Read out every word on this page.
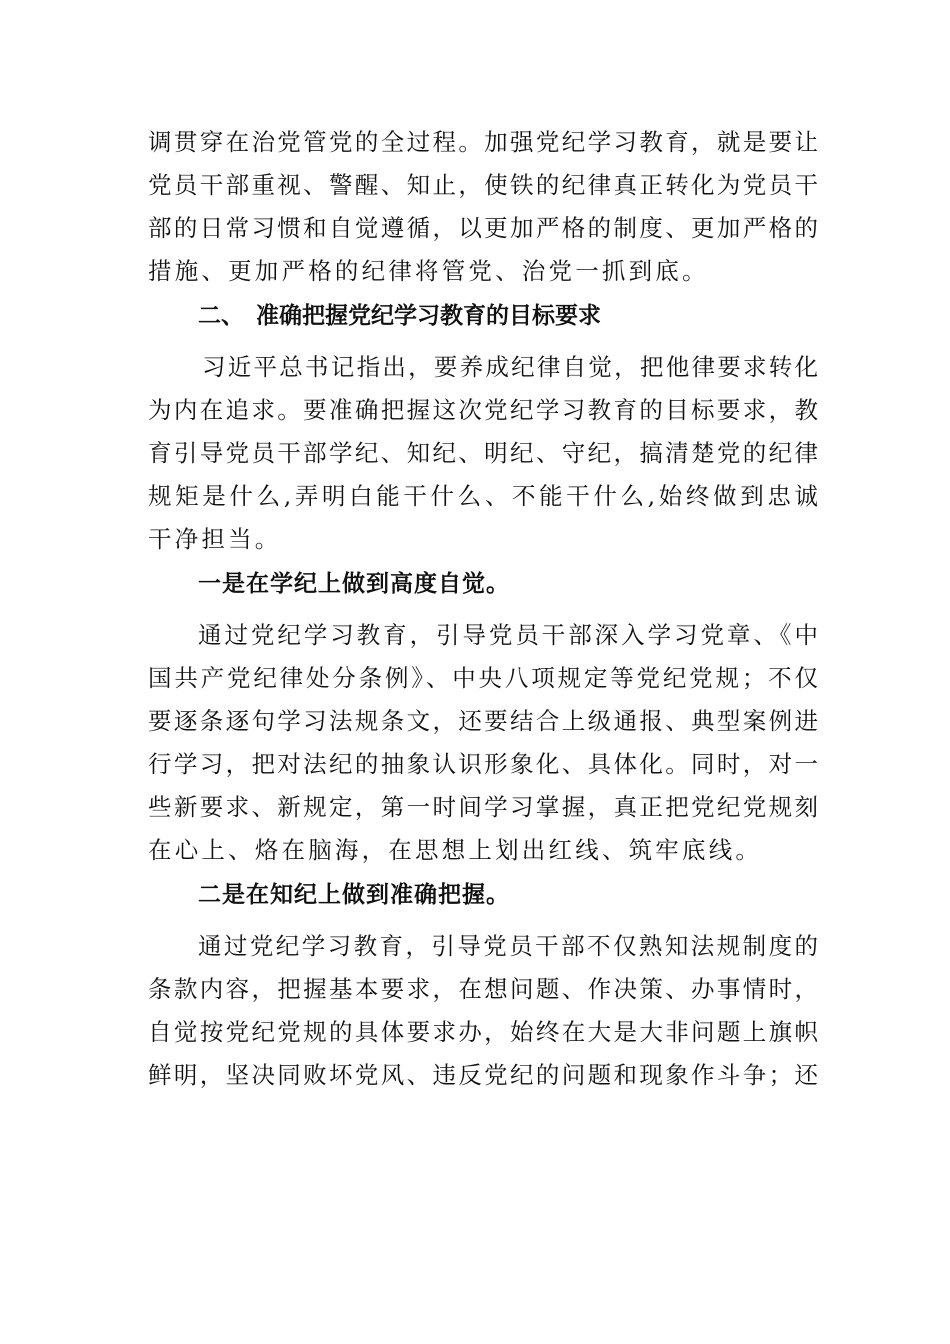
调贯穿在治党管党的全过程。加强党纪学习教育，就是要让
党员干部重视、警醒、知止，使铁的纪律真正转化为党员干
部的日常习惯和自觉遵循，以更加严格的制度、更加严格的
措施、更加严格的纪律将管党、治党一抓到底。
二、 准确把握党纪学习教育的目标要求
习近平总书记指出，要养成纪律自觉，把他律要求转化
为内在追求。要准确把握这次党纪学习教育的目标要求，教
育引导党员干部学纪、知纪、明纪、守纪，搞清楚党的纪律
规矩是什么,弄明白能干什么、不能干什么,始终做到忠诚
干净担当。
一是在学纪上做到高度自觉。
通过党纪学习教育，引导党员干部深入学习党章、《中
国共产党纪律处分条例》、中央八项规定等党纪党规；不仅
要逐条逐句学习法规条文，还要结合上级通报、典型案例进
行学习，把对法纪的抽象认识形象化、具体化。同时，对一
些新要求、新规定，第一时间学习掌握，真正把党纪党规刻
在心上、烙在脑海，在思想上划出红线、筑牢底线。
二是在知纪上做到准确把握。
通过党纪学习教育，引导党员干部不仅熟知法规制度的
条款内容，把握基本要求，在想问题、作决策、办事情时，
自觉按党纪党规的具体要求办，始终在大是大非问题上旗帜
鲜明，坚决同败坏党风、违反党纪的问题和现象作斗争；还
